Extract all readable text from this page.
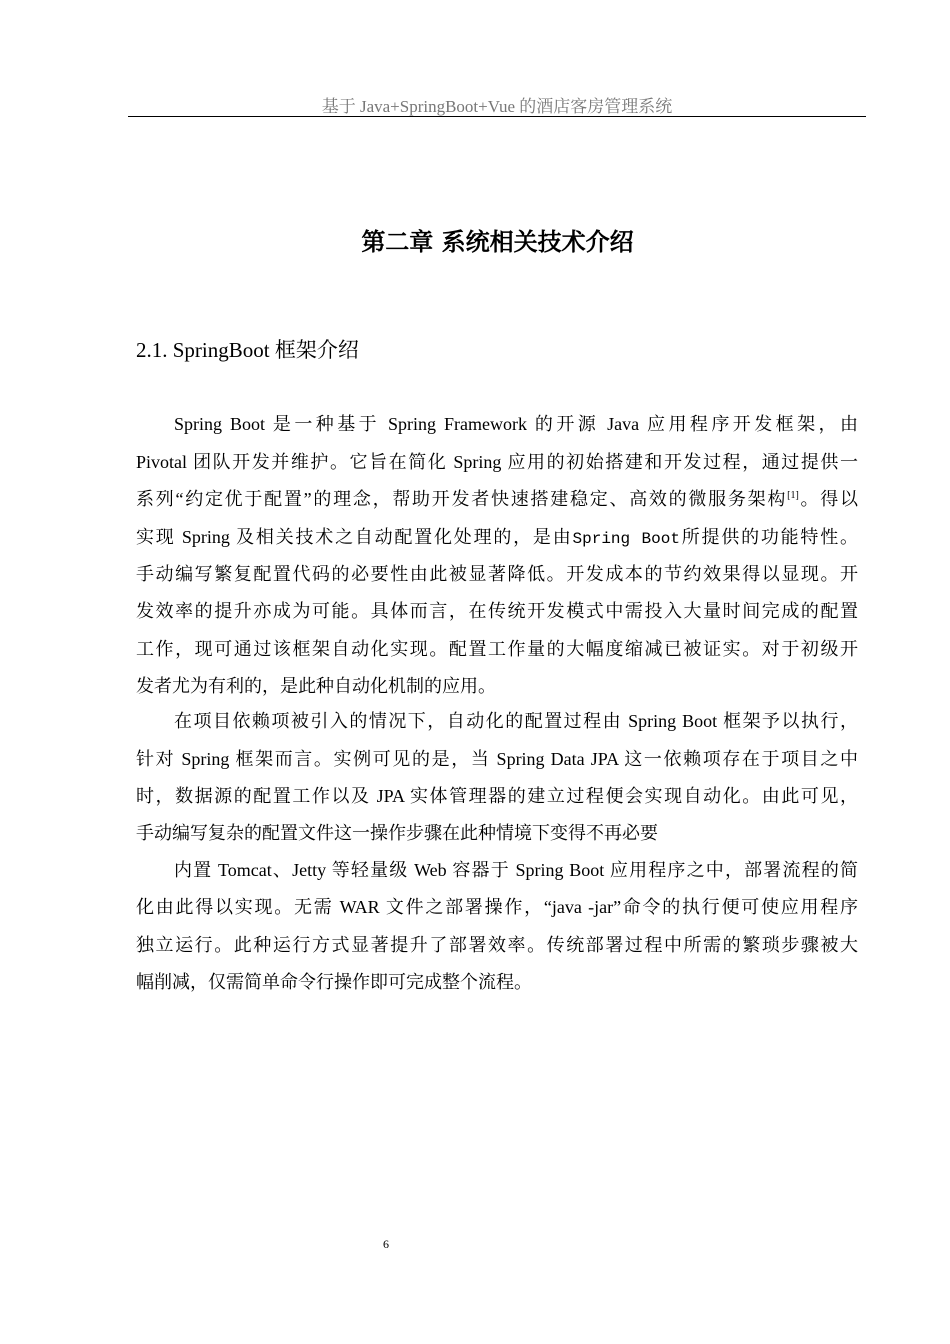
基于 Java+SpringBoot+Vue 的酒店客房管理系统
第二章 系统相关技术介绍
2.1. SpringBoot 框架介绍
Spring Boot 是一种基于 Spring Framework 的开源 Java 应用程序开发框架，由
Pivotal 团队开发并维护。它旨在简化 Spring 应用的初始搭建和开发过程，通过提供一
系列“约定优于配置”的理念，帮助开发者快速搭建稳定、高效的微服务架构[1]。得以
实现 Spring 及相关技术之自动配置化处理的，是由Spring Boot所提供的功能特性。
手动编写繁复配置代码的必要性由此被显著降低。开发成本的节约效果得以显现。开
发效率的提升亦成为可能。具体而言，在传统开发模式中需投入大量时间完成的配置
工作，现可通过该框架自动化实现。配置工作量的大幅度缩减已被证实。对于初级开
发者尤为有利的，是此种自动化机制的应用。
在项目依赖项被引入的情况下，自动化的配置过程由 Spring Boot 框架予以执行，
针对 Spring 框架而言。实例可见的是，当 Spring Data JPA 这一依赖项存在于项目之中
时，数据源的配置工作以及 JPA 实体管理器的建立过程便会实现自动化。由此可见，
手动编写复杂的配置文件这一操作步骤在此种情境下变得不再必要
内置 Tomcat、Jetty 等轻量级 Web 容器于 Spring Boot 应用程序之中，部署流程的简
化由此得以实现。无需 WAR 文件之部署操作，“java -jar”命令的执行便可使应用程序
独立运行。此种运行方式显著提升了部署效率。传统部署过程中所需的繁琐步骤被大
幅削减，仅需简单命令行操作即可完成整个流程。
6
